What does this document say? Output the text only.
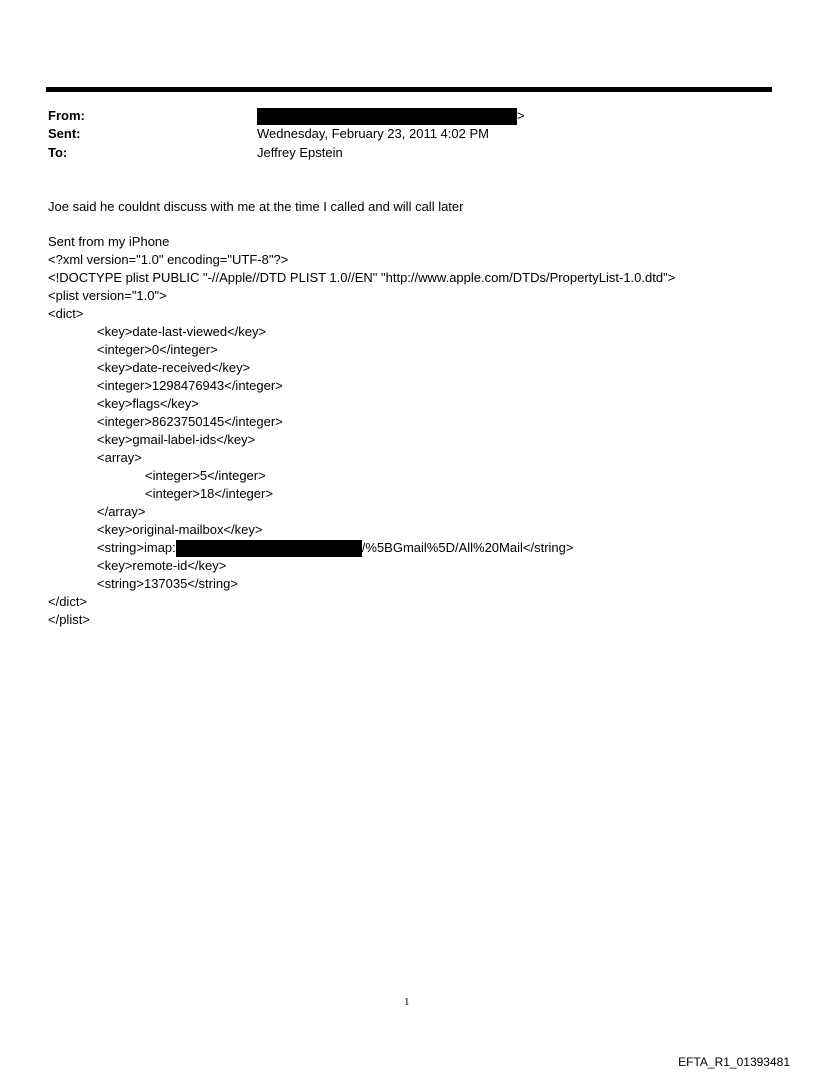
From:	>
Sent:	Wednesday, February 23, 2011 4:02 PM
To:	Jeffrey Epstein
Joe said he couldnt discuss with me at the time I called and will call later
Sent from my iPhone
<?xml version="1.0" encoding="UTF-8"?>
<!DOCTYPE plist PUBLIC "-//Apple//DTD PLIST 1.0//EN" "http://www.apple.com/DTDs/PropertyList-1.0.dtd">
<plist version="1.0">
<dict>
<key>date-last-viewed</key>
<integer>0</integer>
<key>date-received</key>
<integer>1298476943</integer>
<key>flags</key>
<integer>8623750145</integer>
<key>gmail-label-ids</key>
<array>
<integer>5</integer>
<integer>18</integer>
</array>
<key>original-mailbox</key>
<string>imap:	/%5BGmail%5D/All%20Mail</string>
<key>remote-id</key>
<string>137035</string>
</dict>
</plist>
1
EFTA_R1_01393481
